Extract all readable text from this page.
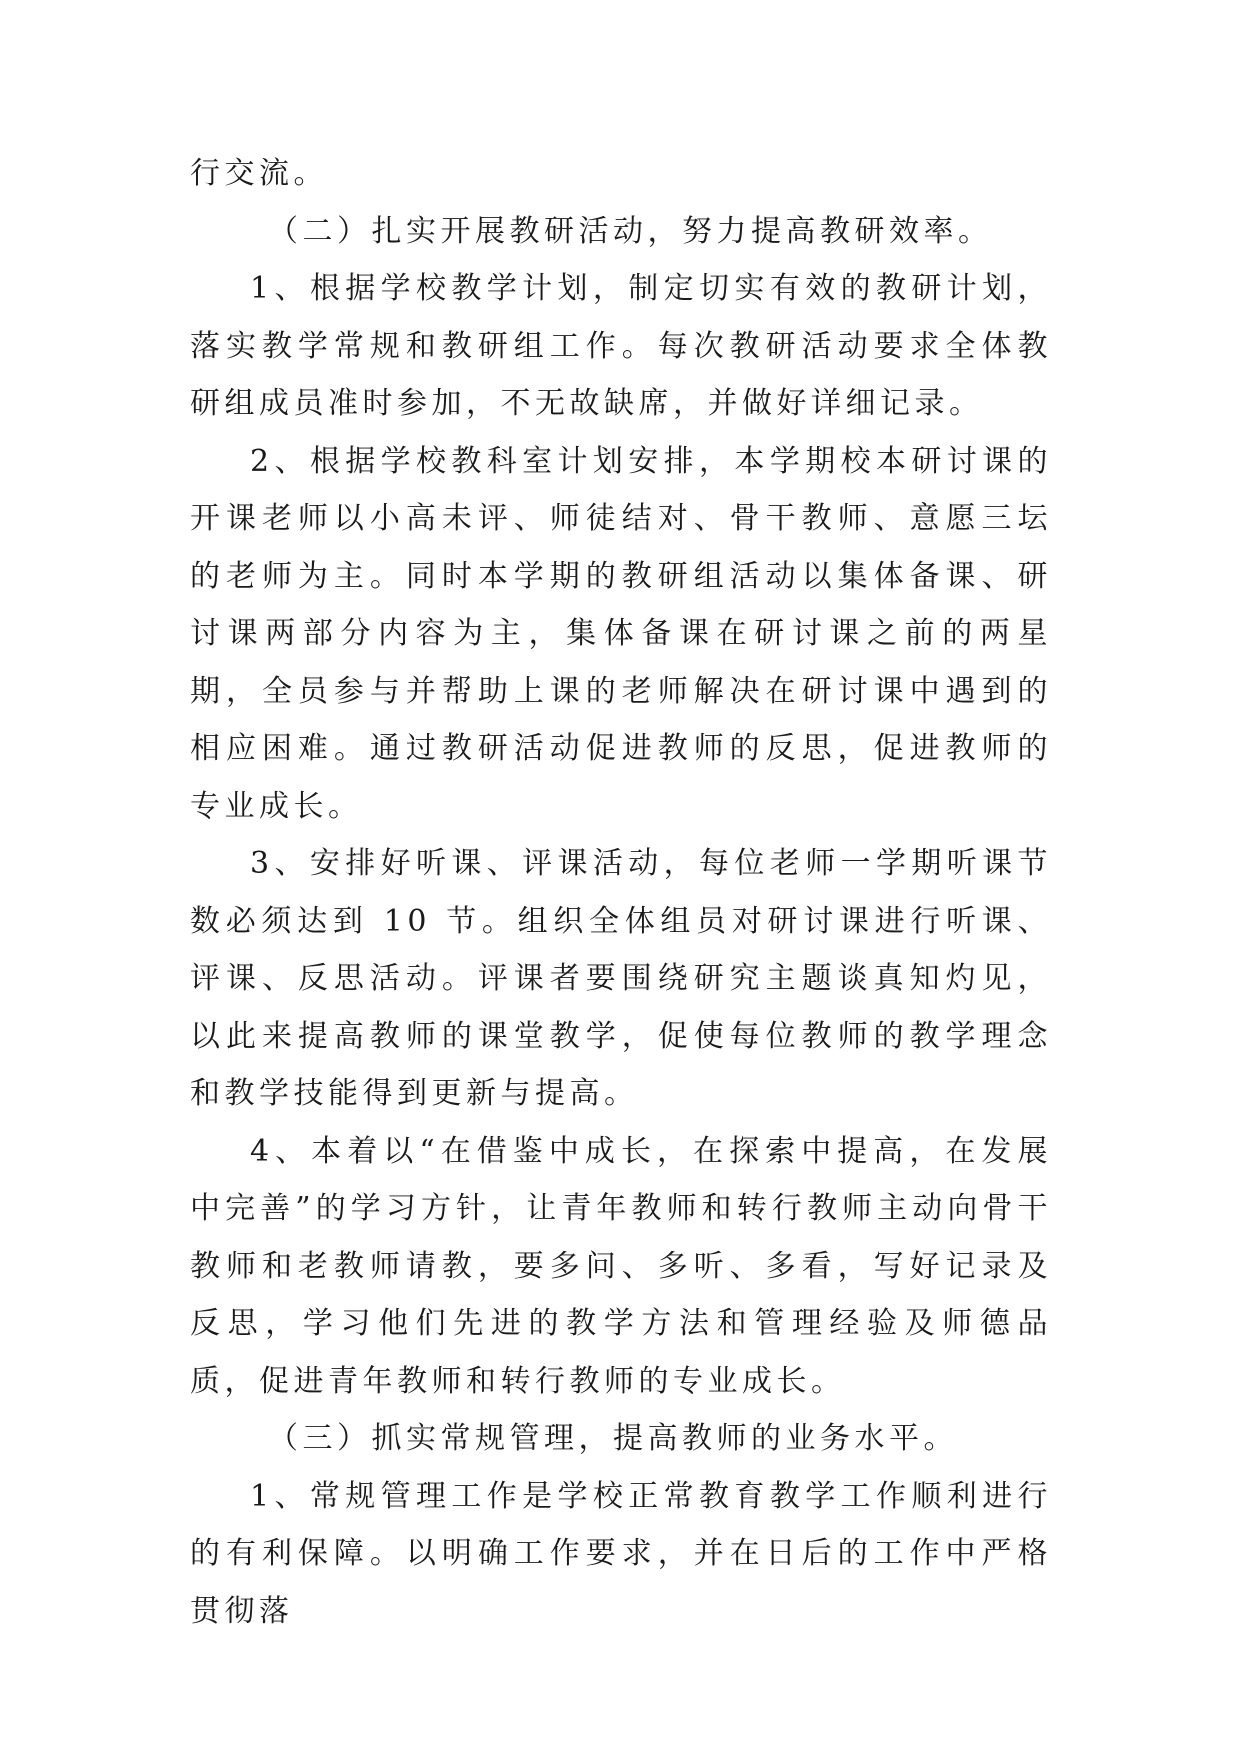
行交流。

（二）扎实开展教研活动，努力提高教研效率。

1、根据学校教学计划，制定切实有效的教研计划，落实教学常规和教研组工作。每次教研活动要求全体教研组成员准时参加，不无故缺席，并做好详细记录。

2、根据学校教科室计划安排，本学期校本研讨课的开课老师以小高未评、师徒结对、骨干教师、意愿三坛的老师为主。同时本学期的教研组活动以集体备课、研讨课两部分内容为主，集体备课在研讨课之前的两星期，全员参与并帮助上课的老师解决在研讨课中遇到的相应困难。通过教研活动促进教师的反思，促进教师的专业成长。

3、安排好听课、评课活动，每位老师一学期听课节数必须达到 10 节。组织全体组员对研讨课进行听课、评课、反思活动。评课者要围绕研究主题谈真知灼见，以此来提高教师的课堂教学，促使每位教师的教学理念和教学技能得到更新与提高。

4、本着以“在借鉴中成长，在探索中提高，在发展中完善”的学习方针，让青年教师和转行教师主动向骨干教师和老教师请教，要多问、多听、多看，写好记录及反思，学习他们先进的教学方法和管理经验及师德品质，促进青年教师和转行教师的专业成长。

（三）抓实常规管理，提高教师的业务水平。

1、常规管理工作是学校正常教育教学工作顺利进行的有利保障。以明确工作要求，并在日后的工作中严格贯彻落
